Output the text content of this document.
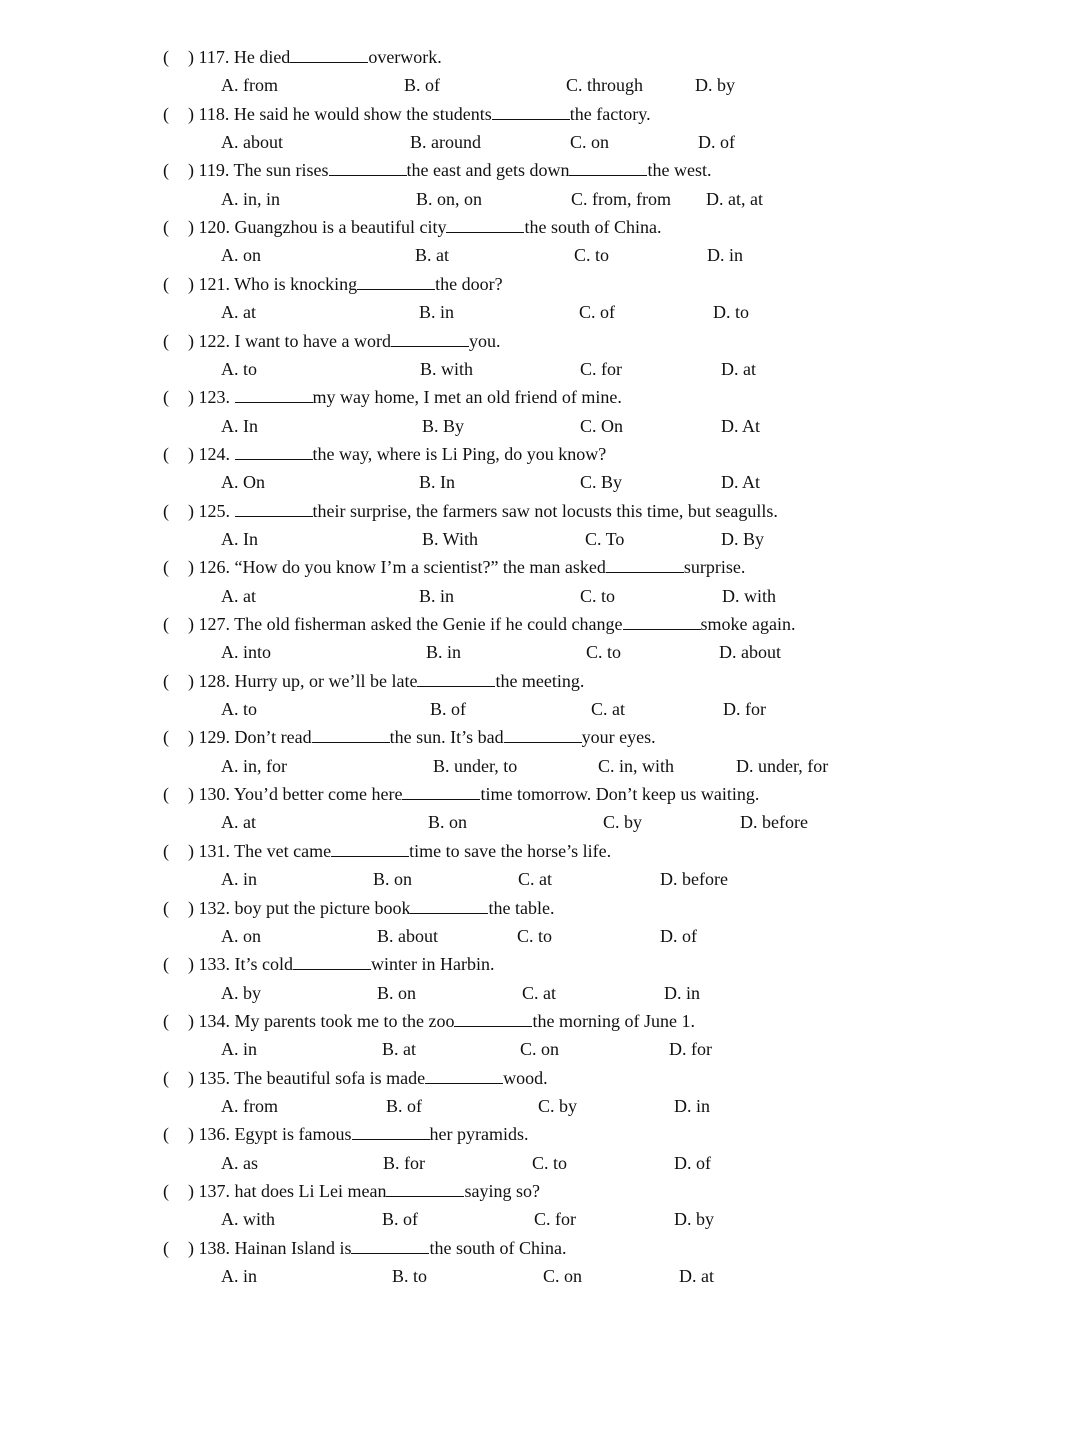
( ) 117. He died	overwork.
A. from	B. of	C. through	D. by
( ) 118. He said he would show the students	the factory.
A. about	B. around	C. on	D. of
( ) 119. The sun rises	the east and gets down	the west.
A. in, in	B. on, on	C. from, from D. at, at
( ) 120. Guangzhou is a beautiful city	the south of China.
A. on	B. at	C. to	D. in
( ) 121. Who is knocking	the door?
A. at	B. in	C. of	D. to
( ) 122. I want to have a word	you.
A. to	B. with	C. for	D. at
( ) 123.	my way home, I met an old friend of mine.
A. In	B. By	C. On	D. At
( ) 124.	the way, where is Li Ping, do you know?
A. On	B. In	C. By	D. At
( ) 125.	their surprise, the farmers saw not locusts this time, but seagulls.
A. In	B. With	C. To	D. By
( ) 126. “How do you know I’m a scientist?” the man asked	surprise.
A. at	B. in	C. to	D. with
( ) 127. The old fisherman asked the Genie if he could change	smoke again.
A. into	B. in	C. to	D. about
( ) 128. Hurry up, or we’ll be late	the meeting.
A. to	B. of	C. at	D. for
( ) 129. Don’t read	the sun. It’s bad	your eyes.
A. in, for	B. under, to	C. in, with	D. under, for
( ) 130. You’d better come here	time tomorrow. Don’t keep us waiting.
A. at	B. on	C. by	D. before
( ) 131. The vet came	time to save the horse’s life.
A. in	B. on	C. at	D. before
( ) 132. boy put the picture book	the table.
A. on	B. about	C. to	D. of
( ) 133. It’s cold	winter in Harbin.
A. by	B. on	C. at	D. in
( ) 134. My parents took me to the zoo	the morning of June 1.
A. in	B. at	C. on	D. for
( ) 135. The beautiful sofa is made	wood.
A. from	B. of	C. by	D. in
( ) 136. Egypt is famous	her pyramids.
A. as	B. for	C. to	D. of
( ) 137. hat does Li Lei mean	saying so?
A. with	B. of	C. for	D. by
( ) 138. Hainan Island is	the south of China.
A. in	B. to	C. on	D. at
